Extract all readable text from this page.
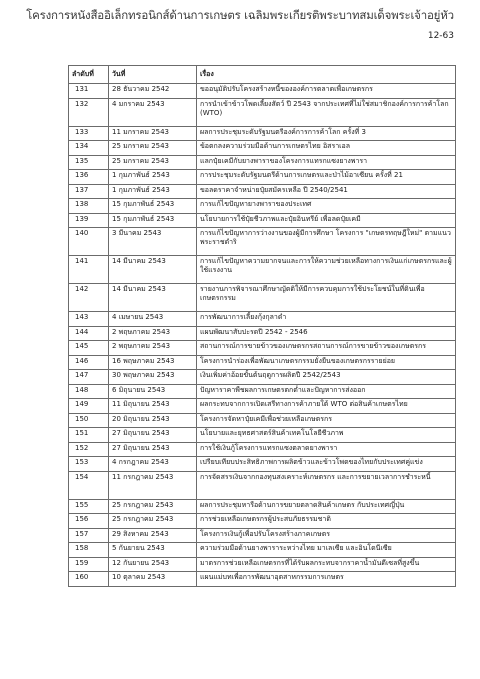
โครงการหนังสืออิเล็กทรอนิกส์ด้านการเกษตร เฉลิมพระเกียรติพระบาทสมเด็จพระเจ้าอยู่หัว
12-63
ลำดับที่	วันที่	เรื่อง
131	28 ธันวาคม 2542	ขออนุมัติปรับโครงสร้างหนี้ขององค์การตลาดเพื่อเกษตรกร
132	4 มกราคม 2543	การนำเข้าข้าวโพดเลี้ยงสัตว์ ปี 2543 จากประเทศที่ไม่ใช่สมาชิกองค์การการค้าโลก (WTO)
133	11 มกราคม 2543	ผลการประชุมระดับรัฐมนตรีองค์การการค้าโลก ครั้งที่ 3
134	25 มกราคม 2543	ข้อตกลงความร่วมมือด้านการเกษตรไทย อิสราเอล
135	25 มกราคม 2543	แลกปุ๋ยเคมีกับยางพาราของโครงการแทรกแซงยางพารา
136	1 กุมภาพันธ์ 2543	การประชุมระดับรัฐมนตรีด้านการเกษตรและป่าไม้อาเซียน ครั้งที่ 21
137	1 กุมภาพันธ์ 2543	ขอลดราคาจำหน่ายปุ๋ยสมัครเหลือ ปี 2540/2541
138	15 กุมภาพันธ์ 2543	การแก้ไขปัญหายางพาราของประเทศ
139	15 กุมภาพันธ์ 2543	นโยบายการใช้ปุ๋ยชีวภาพและปุ๋ยอินทรีย์ เพื่อลดปุ๋ยเคมี
140	3 มีนาคม 2543	การแก้ไขปัญหาการว่างงานของผู้มีการศึกษา โครงการ "เกษตรทฤษฎีใหม่" ตามแนวพระราชดำริ
141	14 มีนาคม 2543	การแก้ไขปัญหาความยากจนและการให้ความช่วยเหลือทางการเงินแก่เกษตรกรและผู้ใช้แรงงาน
142	14 มีนาคม 2543	รายงานการพิจารณาศึกษาญัตติให้มีการควบคุมการใช้ประโยชน์ในที่ดินเพื่อเกษตรกรรม
143	4 เมษายน 2543	การพัฒนาการเลี้ยงกุ้งกุลาดำ
144	2 พฤษภาคม 2543	แผนพัฒนาสับปะรดปี 2542 - 2546
145	2 พฤษภาคม 2543	สถานการณ์การขายข้าวของเกษตรกรสถานการณ์การขายข้าวของเกษตรกร
146	16 พฤษภาคม 2543	โครงการนำร่องเพื่อพัฒนาเกษตรกรรมยั่งยืนของเกษตรกรรายย่อย
147	30 พฤษภาคม 2543	เงินเพิ่มค่าอ้อยขั้นต้นฤดูการผลิตปี 2542/2543
148	6 มิถุนายน 2543	ปัญหาราคาพืชผลการเกษตรตกต่ำและปัญหาการส่งออก
149	11 มิถุนายน 2543	ผลกระทบจากการเปิดเสรีทางการค้าภายใต้ WTO ต่อสินค้าเกษตรไทย
150	20 มิถุนายน 2543	โครงการจัดหาปุ๋ยเคมีเพื่อช่วยเหลือเกษตรกร
151	27 มิถุนายน 2543	นโยบายและยุทธศาสตร์สินค้าเทคโนโลยีชีวภาพ
152	27 มิถุนายน 2543	การใช้เงินกู้โครงการแทรกแซงตลาดยางพารา
153	4 กรกฎาคม 2543	เปรียบเทียบประสิทธิภาพการผลิตข้าวและข้าวโพดของไทยกับประเทศคู่แข่ง
154	11 กรกฎาคม 2543	การจัดสรรเงินจากกองทุนสงเคราะห์เกษตรกร และการขยายเวลาการชำระหนี้
155	25 กรกฎาคม 2543	ผลการประชุมหารือด้านการขยายตลาดสินค้าเกษตร กับประเทศญี่ปุ่น
156	25 กรกฎาคม 2543	การช่วยเหลือเกษตรกรผู้ประสบภัยธรรมชาติ
157	29 สิงหาคม 2543	โครงการเงินกู้เพื่อปรับโครงสร้างภาคเกษตร
158	5 กันยายน 2543	ความร่วมมือด้านยางพาราระหว่างไทย มาเลเซีย และอินโดนีเซีย
159	12 กันยายน 2543	มาตรการช่วยเหลือเกษตรกรที่ได้รับผลกระทบจากราคาน้ำมันดีเซลที่สูงขึ้น
160	10 ตุลาคม 2543	แผนแม่บทเพื่อการพัฒนาอุตสาหกรรมการเกษตร
